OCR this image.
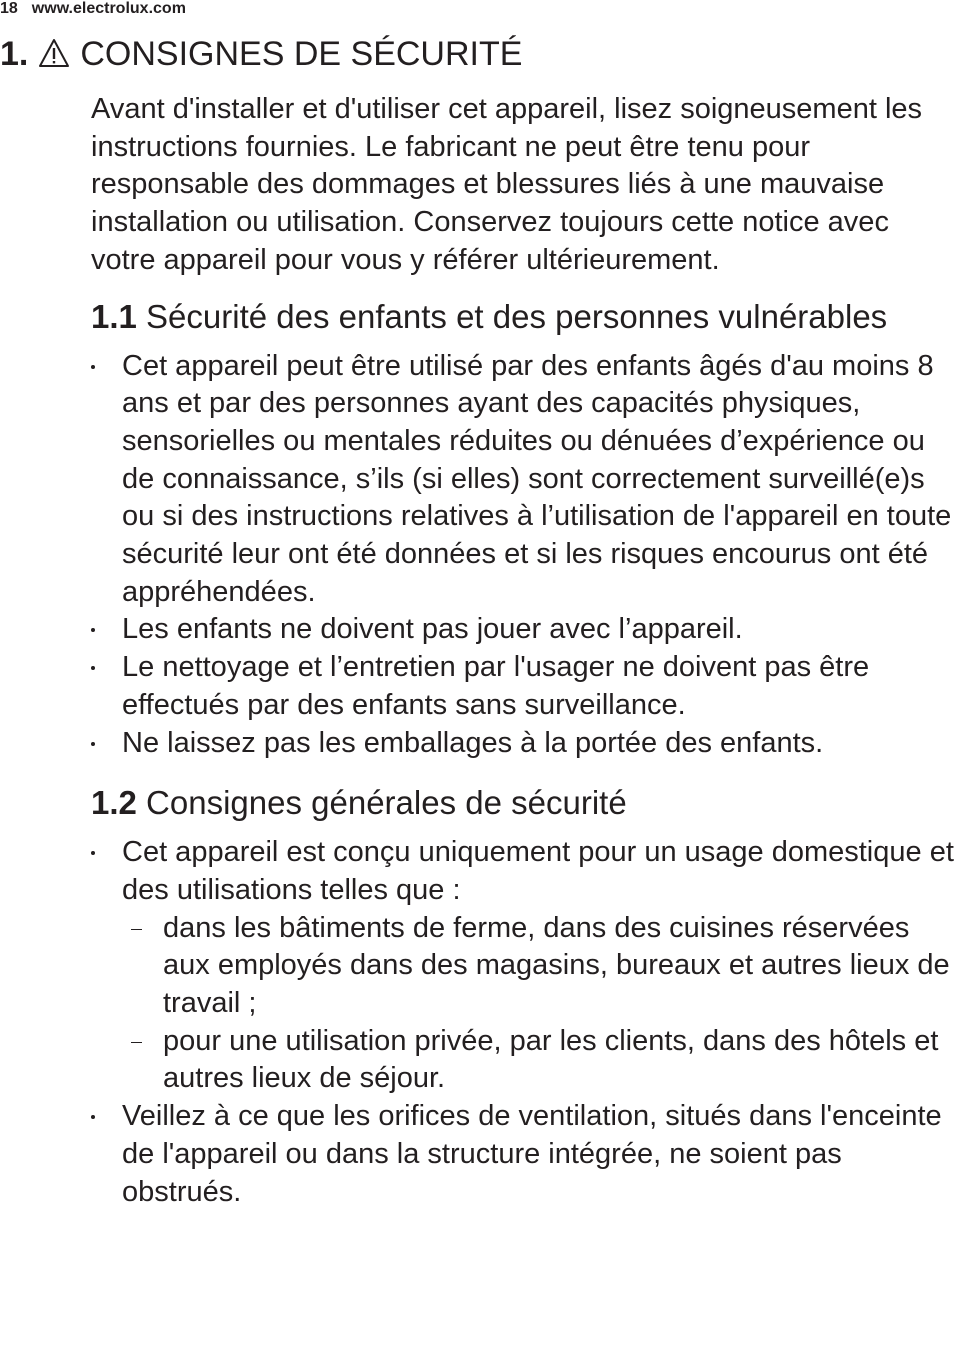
18 www.electrolux.com
1. CONSIGNES DE SÉCURITÉ

Avant d'installer et d'utiliser cet appareil, lisez soigneusement les instructions fournies. Le fabricant ne peut être tenu pour responsable des dommages et blessures liés à une mauvaise installation ou utilisation. Conservez toujours cette notice avec votre appareil pour vous y référer ultérieurement.

1.1 Sécurité des enfants et des personnes vulnérables
Cet appareil peut être utilisé par des enfants âgés d'au moins 8 ans et par des personnes ayant des capacités physiques, sensorielles ou mentales réduites ou dénuées d’expérience ou de connaissance, s’ils (si elles) sont correctement surveillé(e)s ou si des instructions relatives à l’utilisation de l'appareil en toute sécurité leur ont été données et si les risques encourus ont été appréhendées.
Les enfants ne doivent pas jouer avec l’appareil.
Le nettoyage et l’entretien par l'usager ne doivent pas être effectués par des enfants sans surveillance.
Ne laissez pas les emballages à la portée des enfants.
1.2 Consignes générales de sécurité
Cet appareil est conçu uniquement pour un usage domestique et des utilisations telles que :
dans les bâtiments de ferme, dans des cuisines réservées aux employés dans des magasins, bureaux et autres lieux de travail ;
pour une utilisation privée, par les clients, dans des hôtels et autres lieux de séjour.
Veillez à ce que les orifices de ventilation, situés dans l'enceinte de l'appareil ou dans la structure intégrée, ne soient pas obstrués.
